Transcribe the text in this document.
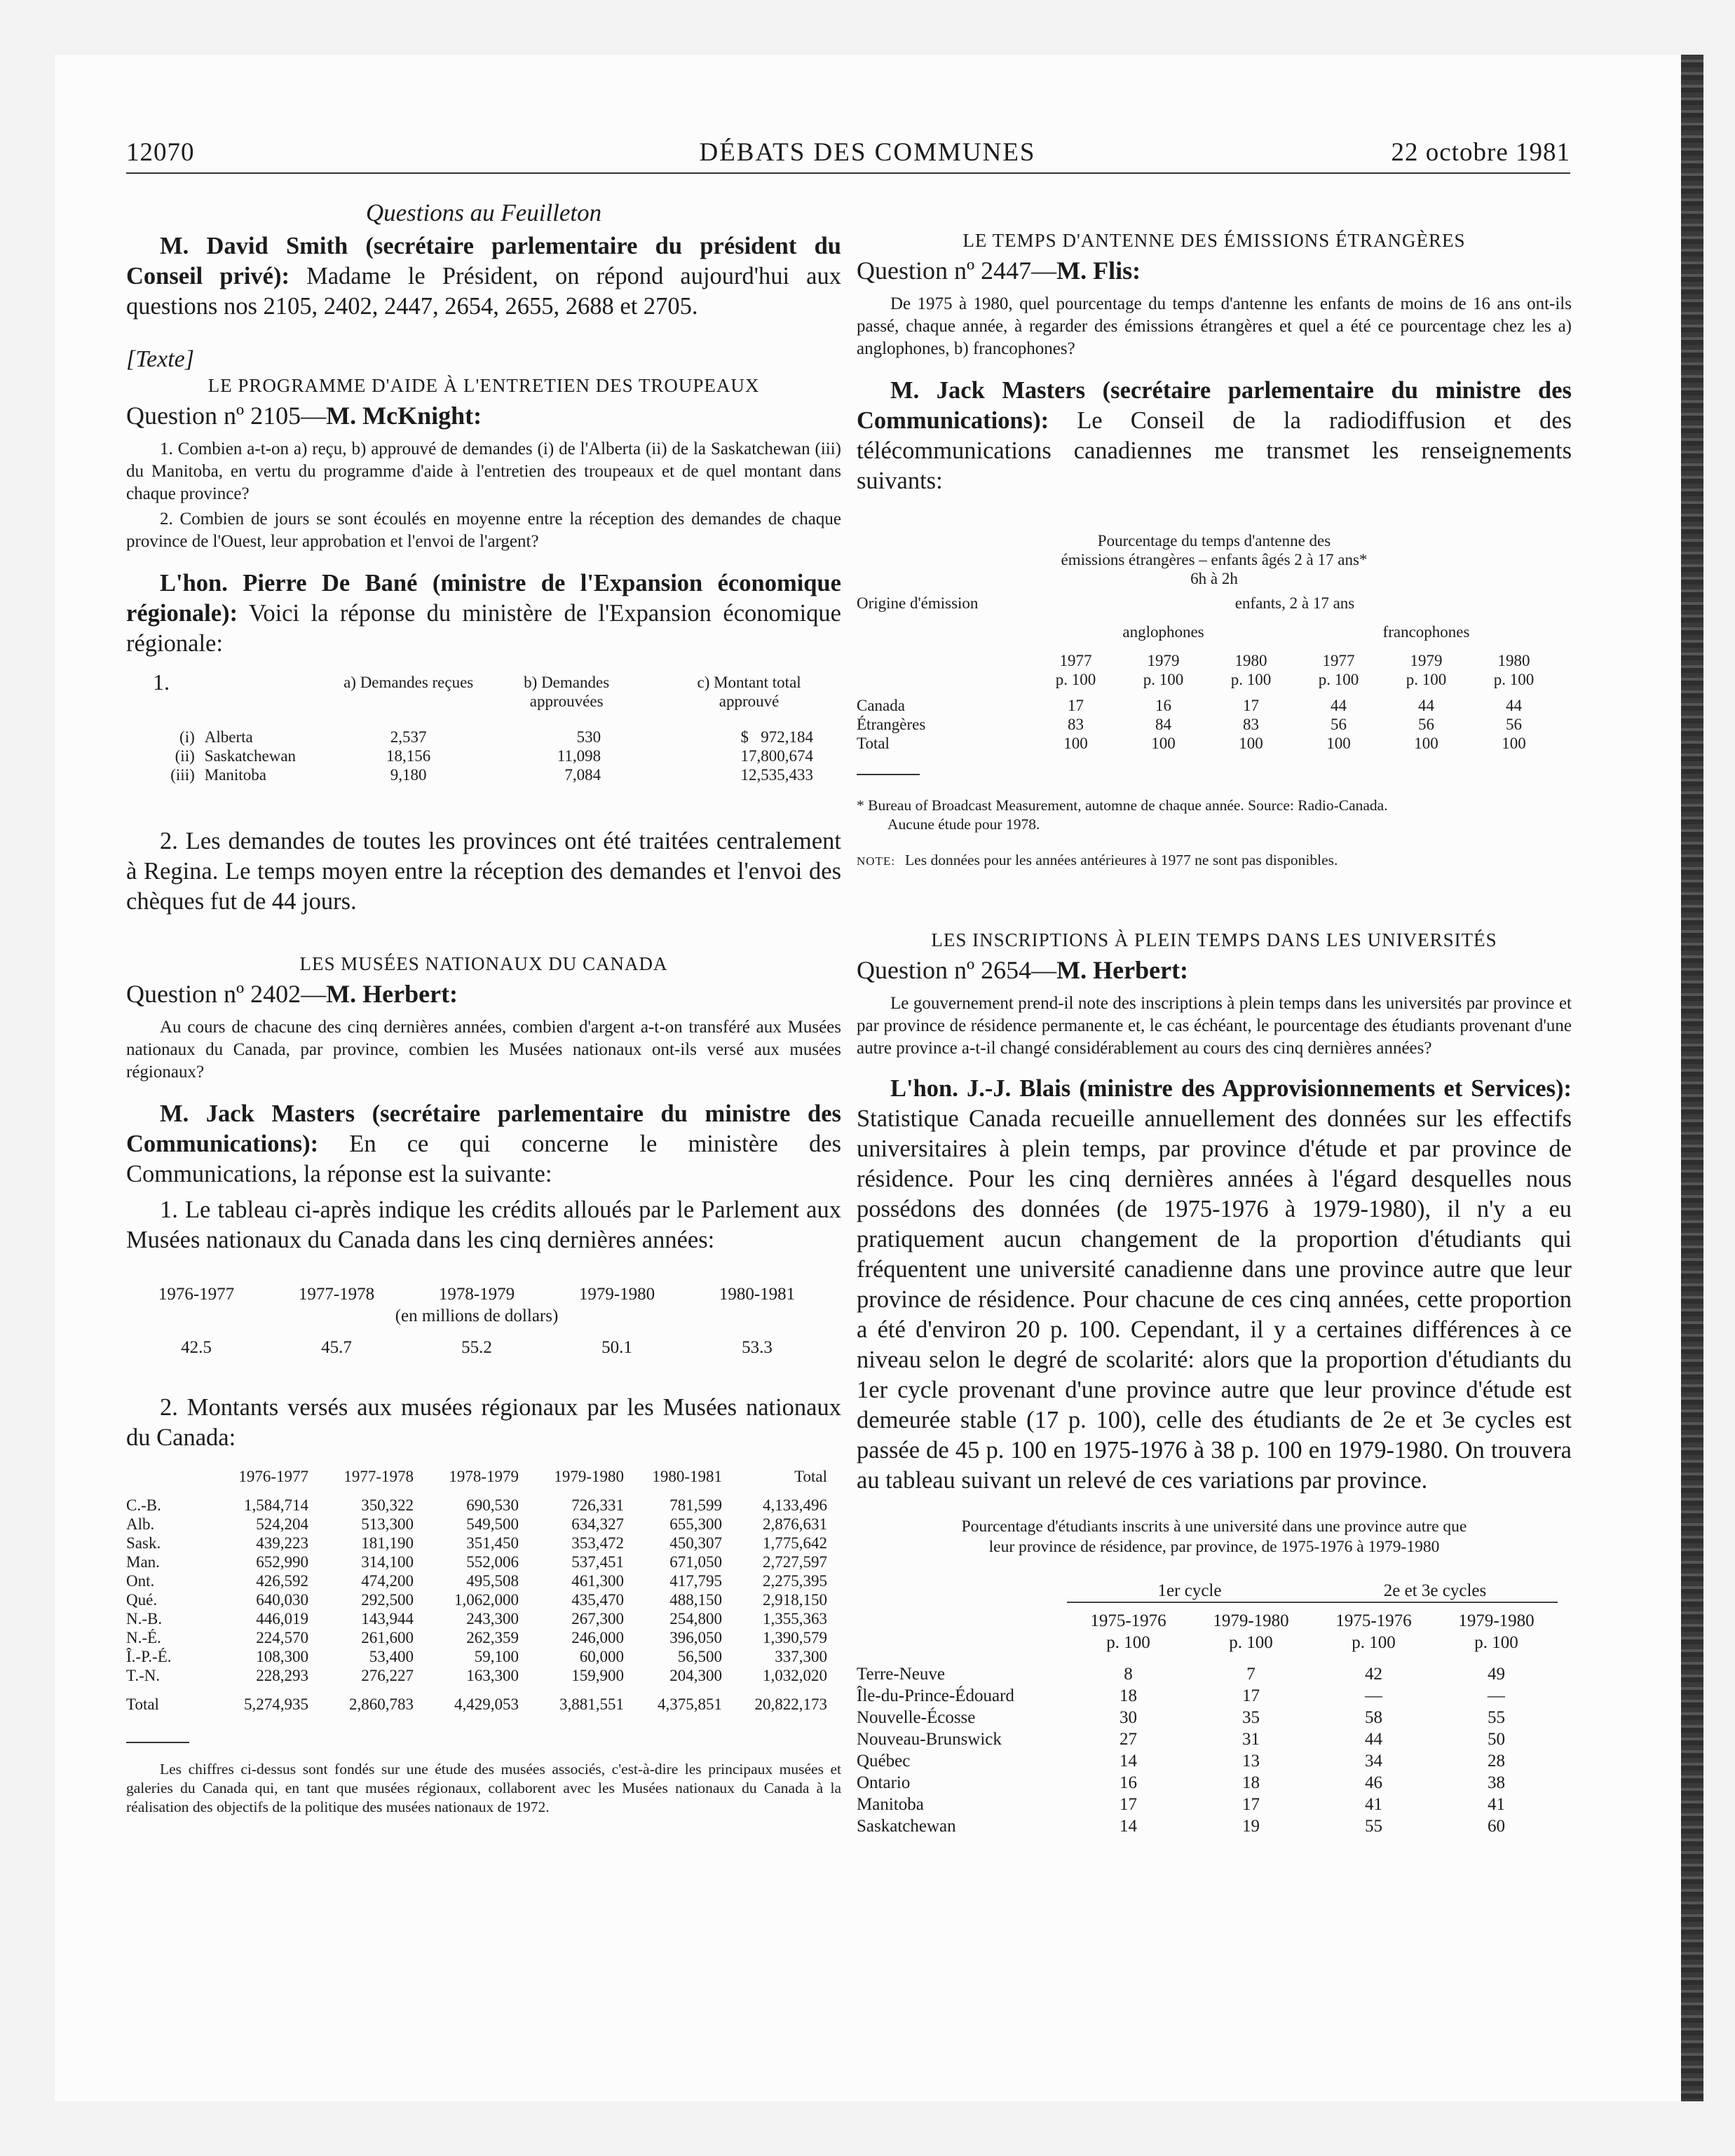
12070	DÉBATS DES COMMUNES	22 octobre 1981

Questions au Feuilleton

M. David Smith (secrétaire parlementaire du président du Conseil privé): Madame le Président, on répond aujourd'hui aux questions nos 2105, 2402, 2447, 2654, 2655, 2688 et 2705.

[Texte]

LE PROGRAMME D'AIDE À L'ENTRETIEN DES TROUPEAUX

Question nº 2105—M. McKnight:

1. Combien a-t-on a) reçu, b) approuvé de demandes (i) de l'Alberta (ii) de la Saskatchewan (iii) du Manitoba, en vertu du programme d'aide à l'entretien des troupeaux et de quel montant dans chaque province?

2. Combien de jours se sont écoulés en moyenne entre la réception des demandes de chaque province de l'Ouest, leur approbation et l'envoi de l'argent?

L'hon. Pierre De Bané (ministre de l'Expansion économique régionale): Voici la réponse du ministère de l'Expansion économique régionale:

1.		a) Demandes reçues	b) Demandes approuvées	c) Montant total approuvé

(i)	Alberta	2,537	530	$   972,184
(ii)	Saskatchewan	18,156	11,098	17,800,674
(iii)	Manitoba	9,180	7,084	12,535,433

2. Les demandes de toutes les provinces ont été traitées centralement à Regina. Le temps moyen entre la réception des demandes et l'envoi des chèques fut de 44 jours.

LES MUSÉES NATIONAUX DU CANADA

Question nº 2402—M. Herbert:

Au cours de chacune des cinq dernières années, combien d'argent a-t-on transféré aux Musées nationaux du Canada, par province, combien les Musées nationaux ont-ils versé aux musées régionaux?

M. Jack Masters (secrétaire parlementaire du ministre des Communications): En ce qui concerne le ministère des Communications, la réponse est la suivante:

1. Le tableau ci-après indique les crédits alloués par le Parlement aux Musées nationaux du Canada dans les cinq dernières années:

1976-1977	1977-1978	1978-1979	1979-1980	1980-1981
(en millions de dollars)				

42.5	45.7	55.2	50.1	53.3

2. Montants versés aux musées régionaux par les Musées nationaux du Canada:

	1976-1977	1977-1978	1978-1979	1979-1980	1980-1981	Total

C.-B.	1,584,714	350,322	690,530	726,331	781,599	4,133,496
Alb.	524,204	513,300	549,500	634,327	655,300	2,876,631
Sask.	439,223	181,190	351,450	353,472	450,307	1,775,642
Man.	652,990	314,100	552,006	537,451	671,050	2,727,597
Ont.	426,592	474,200	495,508	461,300	417,795	2,275,395
Qué.	640,030	292,500	1,062,000	435,470	488,150	2,918,150
N.-B.	446,019	143,944	243,300	267,300	254,800	1,355,363
N.-É.	224,570	261,600	262,359	246,000	396,050	1,390,579
Î.-P.-É.	108,300	53,400	59,100	60,000	56,500	337,300
T.-N.	228,293	276,227	163,300	159,900	204,300	1,032,020

Total	5,274,935	2,860,783	4,429,053	3,881,551	4,375,851	20,822,173

Les chiffres ci-dessus sont fondés sur une étude des musées associés, c'est-à-dire les principaux musées et galeries du Canada qui, en tant que musées régionaux, collaborent avec les Musées nationaux du Canada à la réalisation des objectifs de la politique des musées nationaux de 1972.

LE TEMPS D'ANTENNE DES ÉMISSIONS ÉTRANGÈRES

Question nº 2447—M. Flis:

De 1975 à 1980, quel pourcentage du temps d'antenne les enfants de moins de 16 ans ont-ils passé, chaque année, à regarder des émissions étrangères et quel a été ce pourcentage chez les a) anglophones, b) francophones?

M. Jack Masters (secrétaire parlementaire du ministre des Communications): Le Conseil de la radiodiffusion et des télécommunications canadiennes me transmet les renseignements suivants:

Pourcentage du temps d'antenne des
émissions étrangères – enfants âgés 2 à 17 ans*
6h à 2h
Origine d'émission	enfants, 2 à 17 ans					

	anglophones			francophones		

	1977	1979	1980	1977	1979	1980
	p. 100	p. 100	p. 100	p. 100	p. 100	p. 100

Canada	17	16	17	44	44	44
Étrangères	83	84	83	56	56	56
Total	100	100	100	100	100	100

* Bureau of Broadcast Measurement, automne de chaque année. Source: Radio-Canada.

Aucune étude pour 1978.

NOTE: Les données pour les années antérieures à 1977 ne sont pas disponibles.

LES INSCRIPTIONS À PLEIN TEMPS DANS LES UNIVERSITÉS

Question nº 2654—M. Herbert:

Le gouvernement prend-il note des inscriptions à plein temps dans les universités par province et par province de résidence permanente et, le cas échéant, le pourcentage des étudiants provenant d'une autre province a-t-il changé considérablement au cours des cinq dernières années?

L'hon. J.-J. Blais (ministre des Approvisionnements et Services): Statistique Canada recueille annuellement des données sur les effectifs universitaires à plein temps, par province d'étude et par province de résidence. Pour les cinq dernières années à l'égard desquelles nous possédons des données (de 1975-1976 à 1979-1980), il n'y a eu pratiquement aucun changement de la proportion d'étudiants qui fréquentent une université canadienne dans une province autre que leur province de résidence. Pour chacune de ces cinq années, cette proportion a été d'environ 20 p. 100. Cependant, il y a certaines différences à ce niveau selon le degré de scolarité: alors que la proportion d'étudiants du 1er cycle provenant d'une province autre que leur province d'étude est demeurée stable (17 p. 100), celle des étudiants de 2e et 3e cycles est passée de 45 p. 100 en 1975-1976 à 38 p. 100 en 1979-1980. On trouvera au tableau suivant un relevé de ces variations par province.

Pourcentage d'étudiants inscrits à une université dans une province autre que
leur province de résidence, par province, de 1975-1976 à 1979-1980
	1er cycle		2e et 3e cycles	

	1975-1976	1979-1980	1975-1976	1979-1980
	p. 100	p. 100	p. 100	p. 100

Terre-Neuve	8	7	42	49
Île-du-Prince-Édouard	18	17	—	—
Nouvelle-Écosse	30	35	58	55
Nouveau-Brunswick	27	31	44	50
Québec	14	13	34	28
Ontario	16	18	46	38
Manitoba	17	17	41	41
Saskatchewan	14	19	55	60
